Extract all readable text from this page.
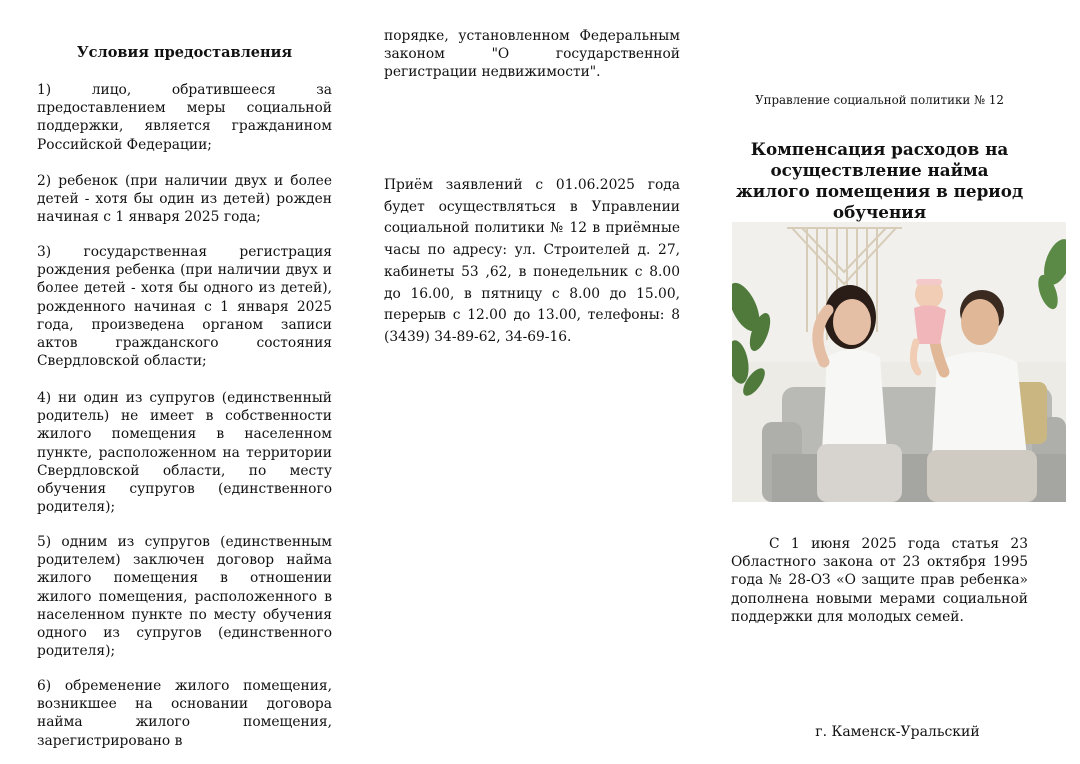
Условия предоставления
1) лицо, обратившееся за предоставлением меры социальной поддержки, является гражданином Российской Федерации;
2) ребенок (при наличии двух и более детей - хотя бы один из детей) рожден начиная с 1 января 2025 года;
3) государственная регистрация рождения ребенка (при наличии двух и более детей - хотя бы одного из детей), рожденного начиная с 1 января 2025 года, произведена органом записи актов гражданского состояния Свердловской области;
4) ни один из супругов (единственный родитель) не имеет в собственности жилого помещения в населенном пункте, расположенном на территории Свердловской области, по месту обучения супругов (единственного родителя);
5) одним из супругов (единственным родителем) заключен договор найма жилого помещения в отношении жилого помещения, расположенного в населенном пункте по месту обучения одного из супругов (единственного родителя);
6) обременение жилого помещения, возникшее на основании договора найма жилого помещения, зарегистрировано в
порядке, установленном Федеральным законом "О государственной регистрации недвижимости".
Приём заявлений с 01.06.2025 года будет осуществляться в Управлении социальной политики № 12 в приёмные часы по адресу: ул. Строителей д. 27, кабинеты 53 ,62, в понедельник с 8.00 до 16.00, в пятницу с 8.00 до 15.00, перерыв с 12.00 до 13.00, телефоны: 8 (3439) 34-89-62, 34-69-16.
Управление социальной политики № 12
Компенсация расходов на осуществление найма жилого помещения в период обучения
С 1 июня 2025 года статья 23 Областного закона от 23 октября 1995 года № 28-ОЗ «О защите прав ребенка» дополнена новыми мерами социальной поддержки для молодых семей.
г. Каменск-Уральский
